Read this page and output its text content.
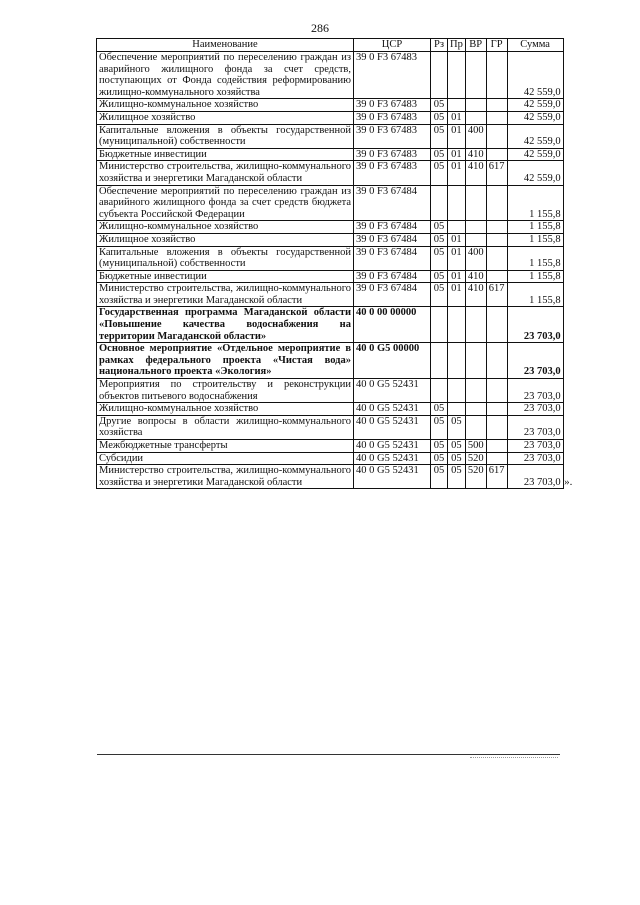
286
Наименование	ЦСР	Рз	Пр	ВР	ГР	Сумма
Обеспечение мероприятий по переселению граждан из аварийного жилищного фонда за счет средств, поступающих от Фонда содействия реформированию жилищно-коммунального хозяйства	39 0 F3 67483					42 559,0
Жилищно-коммунальное хозяйство	39 0 F3 67483	05				42 559,0
Жилищное хозяйство	39 0 F3 67483	05	01			42 559,0
Капитальные вложения в объекты государственной (муниципальной) собственности	39 0 F3 67483	05	01	400		42 559,0
Бюджетные инвестиции	39 0 F3 67483	05	01	410		42 559,0
Министерство строительства, жилищно-коммунального хозяйства и энергетики Магаданской области	39 0 F3 67483	05	01	410	617	42 559,0
Обеспечение мероприятий по переселению граждан из аварийного жилищного фонда за счет средств бюджета субъекта Российской Федерации	39 0 F3 67484					1 155,8
Жилищно-коммунальное хозяйство	39 0 F3 67484	05				1 155,8
Жилищное хозяйство	39 0 F3 67484	05	01			1 155,8
Капитальные вложения в объекты государственной (муниципальной) собственности	39 0 F3 67484	05	01	400		1 155,8
Бюджетные инвестиции	39 0 F3 67484	05	01	410		1 155,8
Министерство строительства, жилищно-коммунального хозяйства и энергетики Магаданской области	39 0 F3 67484	05	01	410	617	1 155,8
Государственная программа Магаданской области «Повышение качества водоснабжения на территории Магаданской области»	40 0 00 00000					23 703,0
Основное мероприятие «Отдельное мероприятие в рамках федерального проекта «Чистая вода» национального проекта «Экология»	40 0 G5 00000					23 703,0
Мероприятия по строительству и реконструкции объектов питьевого водоснабжения	40 0 G5 52431					23 703,0
Жилищно-коммунальное хозяйство	40 0 G5 52431	05				23 703,0
Другие вопросы в области жилищно-коммунального хозяйства	40 0 G5 52431	05	05			23 703,0
Межбюджетные трансферты	40 0 G5 52431	05	05	500		23 703,0
Субсидии	40 0 G5 52431	05	05	520		23 703,0
Министерство строительства, жилищно-коммунального хозяйства и энергетики Магаданской области	40 0 G5 52431	05	05	520	617	23 703,0 ».
